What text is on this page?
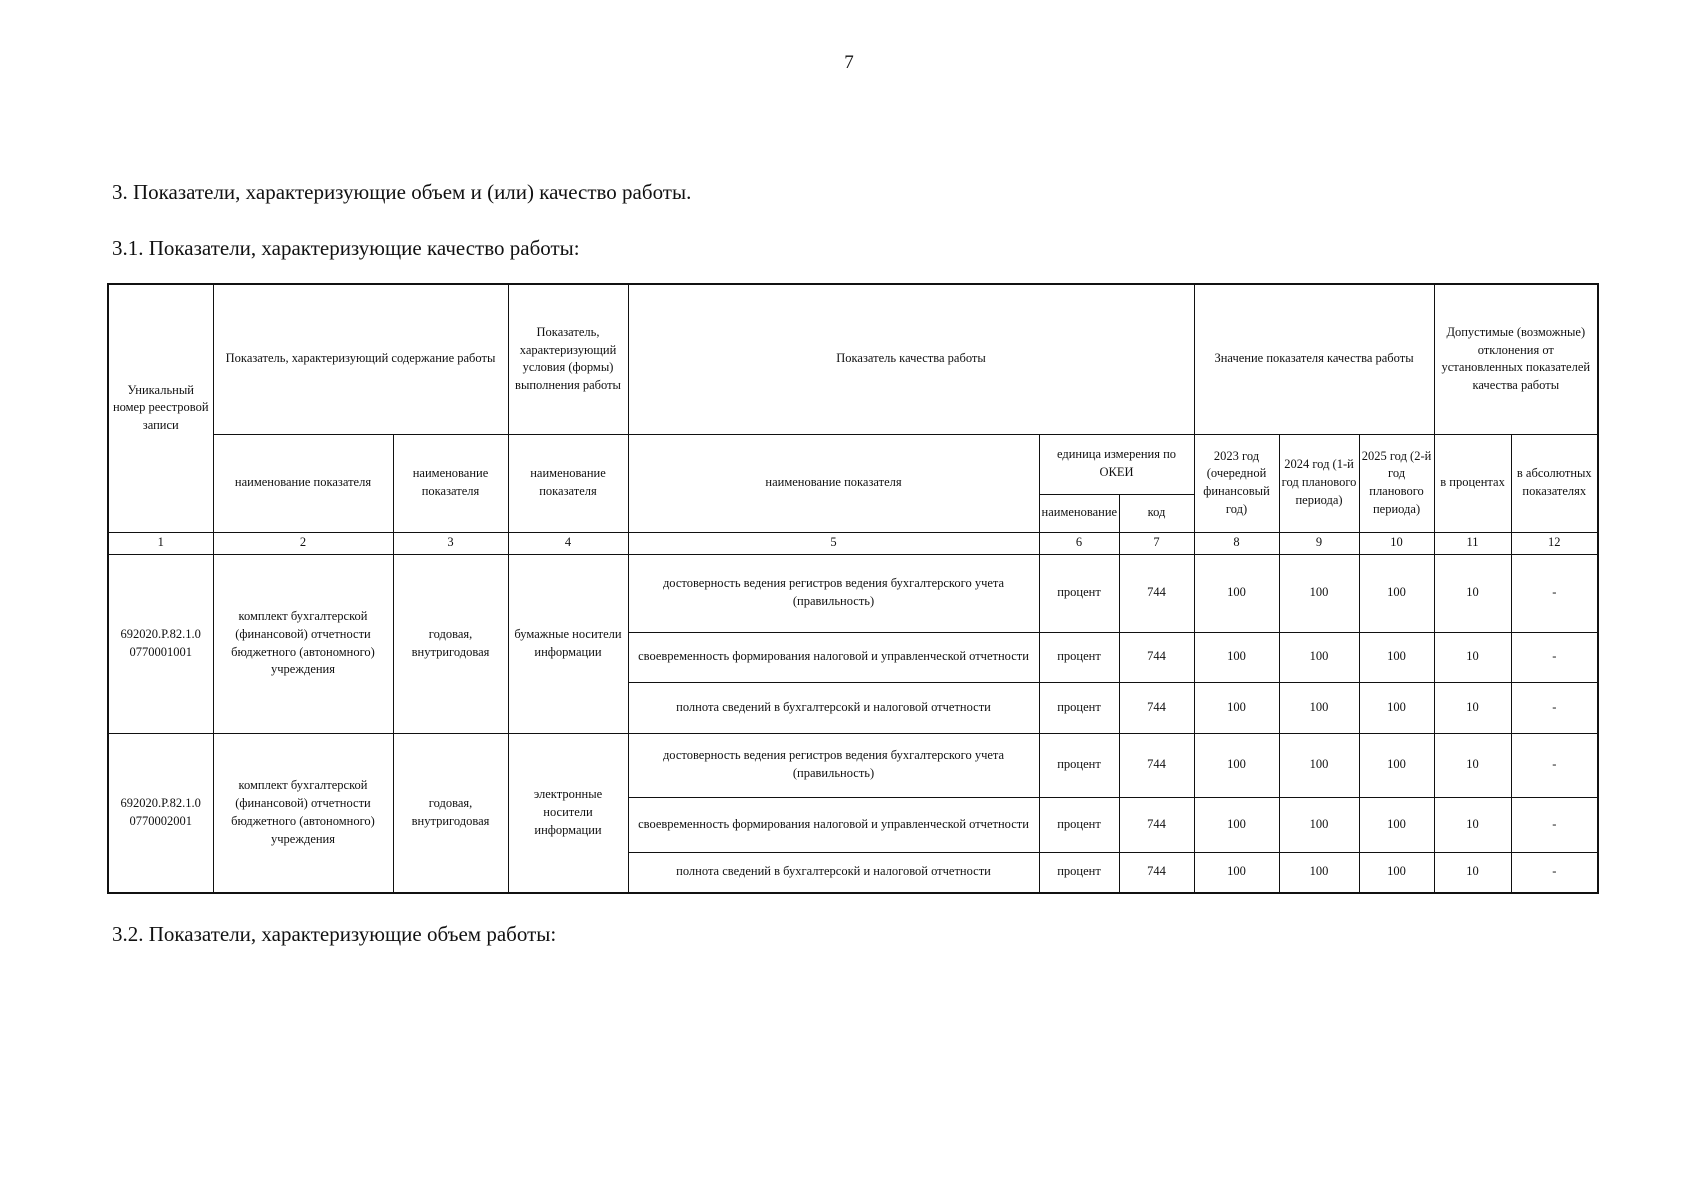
7
3. Показатели, характеризующие объем и (или) качество работы.
3.1. Показатели, характеризующие качество работы:
Уникальный номер реестровой записи	Показатель, характеризующий содержание работы		Показатель, характеризующий условия (формы) выполнения работы	Показатель качества работы			Значение показателя качества работы			Допустимые (возможные) отклонения от установленных показателей качества работы	
	наименование показателя	наименование показателя	наименование показателя	наименование показателя	единица измерения по ОКЕИ		2023 год (очередной финансовый год)	2024 год (1-й год планового периода)	2025 год (2-й год планового периода)	в процентах	в абсолютных показателях
					наименование	код					
1	2	3	4	5	6	7	8	9	10	11	12
692020.Р.82.1.0 0770001001	комплект бухгалтерской (финансовой) отчетности бюджетного (автономного) учреждения	годовая, внутригодовая	бумажные носители информации	достоверность ведения регистров ведения бухгалтерского учета (правильность)	процент	744	100	100	100	10	-
				своевременность формирования налоговой и управленческой отчетности	процент	744	100	100	100	10	-
				полнота сведений в бухгалтерсокй и налоговой отчетности	процент	744	100	100	100	10	-
692020.Р.82.1.0 0770002001	комплект бухгалтерской (финансовой) отчетности бюджетного (автономного) учреждения	годовая, внутригодовая	электронные носители информации	достоверность ведения регистров ведения бухгалтерского учета (правильность)	процент	744	100	100	100	10	-
				своевременность формирования налоговой и управленческой отчетности	процент	744	100	100	100	10	-
				полнота сведений в бухгалтерсокй и налоговой отчетности	процент	744	100	100	100	10	-
3.2. Показатели, характеризующие объем работы:
